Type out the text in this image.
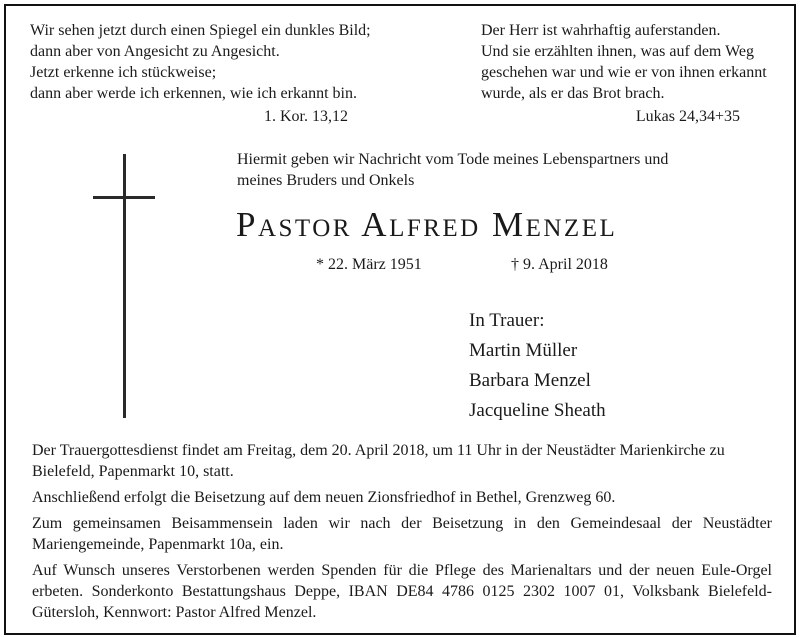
Wir sehen jetzt durch einen Spiegel ein dunkles Bild;
dann aber von Angesicht zu Angesicht.
Jetzt erkenne ich stückweise;
dann aber werde ich erkennen, wie ich erkannt bin.
1. Kor. 13,12
Der Herr ist wahrhaftig auferstanden.
Und sie erzählten ihnen, was auf dem Weg
geschehen war und wie er von ihnen erkannt
wurde, als er das Brot brach.
Lukas 24,34+35
Hiermit geben wir Nachricht vom Tode meines Lebenspartners und
meines Bruders und Onkels
Pastor Alfred Menzel
* 22. März 1951	† 9. April 2018
In Trauer:
Martin Müller
Barbara Menzel
Jacqueline Sheath

Der Trauergottesdienst findet am Freitag, dem 20. April 2018, um 11 Uhr in der Neustädter Marienkirche zu Bielefeld, Papenmarkt 10, statt.

Anschließend erfolgt die Beisetzung auf dem neuen Zionsfriedhof in Bethel, Grenzweg 60.

Zum gemeinsamen Beisammensein laden wir nach der Beisetzung in den Gemeindesaal der Neustädter Mariengemeinde, Papenmarkt 10a, ein.

Auf Wunsch unseres Verstorbenen werden Spenden für die Pflege des Marienaltars und der neuen Eule-Orgel erbeten. Sonderkonto Bestattungshaus Deppe, IBAN DE84 4786 0125 2302 1007 01, Volksbank Bielefeld-Gütersloh, Kennwort: Pastor Alfred Menzel.
